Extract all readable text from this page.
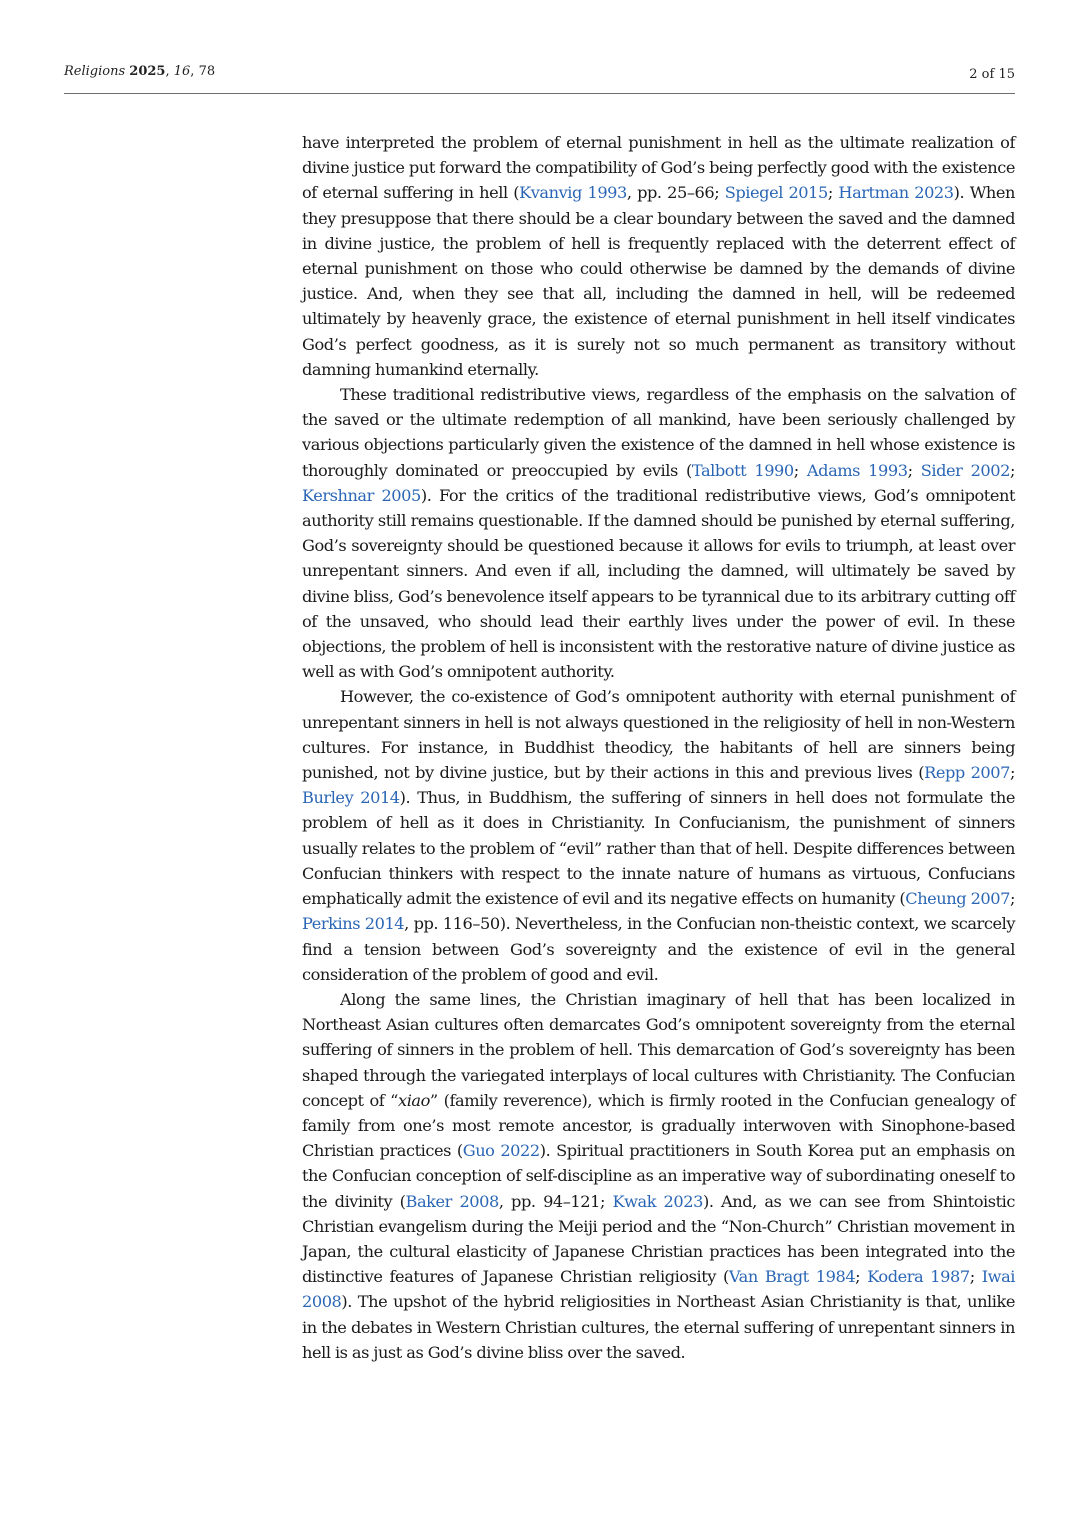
Religions 2025, 16, 78	2 of 15

have interpreted the problem of eternal punishment in hell as the ultimate realization of divine justice put forward the compatibility of God’s being perfectly good with the existence of eternal suffering in hell (Kvanvig 1993, pp. 25–66; Spiegel 2015; Hartman 2023). When they presuppose that there should be a clear boundary between the saved and the damned in divine justice, the problem of hell is frequently replaced with the deterrent effect of eternal punishment on those who could otherwise be damned by the demands of divine justice. And, when they see that all, including the damned in hell, will be redeemed ultimately by heavenly grace, the existence of eternal punishment in hell itself vindicates God’s perfect goodness, as it is surely not so much permanent as transitory without damning humankind eternally.

These traditional redistributive views, regardless of the emphasis on the salvation of the saved or the ultimate redemption of all mankind, have been seriously challenged by various objections particularly given the existence of the damned in hell whose existence is thoroughly dominated or preoccupied by evils (Talbott 1990; Adams 1993; Sider 2002; Kershnar 2005). For the critics of the traditional redistributive views, God’s omnipotent authority still remains questionable. If the damned should be punished by eternal suffering, God’s sovereignty should be questioned because it allows for evils to triumph, at least over unrepentant sinners. And even if all, including the damned, will ultimately be saved by divine bliss, God’s benevolence itself appears to be tyrannical due to its arbitrary cutting off of the unsaved, who should lead their earthly lives under the power of evil. In these objections, the problem of hell is inconsistent with the restorative nature of divine justice as well as with God’s omnipotent authority.

However, the co-existence of God’s omnipotent authority with eternal punishment of unrepentant sinners in hell is not always questioned in the religiosity of hell in non-Western cultures. For instance, in Buddhist theodicy, the habitants of hell are sinners being punished, not by divine justice, but by their actions in this and previous lives (Repp 2007; Burley 2014). Thus, in Buddhism, the suffering of sinners in hell does not formulate the problem of hell as it does in Christianity. In Confucianism, the punishment of sinners usually relates to the problem of “evil” rather than that of hell. Despite differences between Confucian thinkers with respect to the innate nature of humans as virtuous, Confucians emphatically admit the existence of evil and its negative effects on humanity (Cheung 2007; Perkins 2014, pp. 116–50). Nevertheless, in the Confucian non-theistic context, we scarcely find a tension between God’s sovereignty and the existence of evil in the general consideration of the problem of good and evil.

Along the same lines, the Christian imaginary of hell that has been localized in Northeast Asian cultures often demarcates God’s omnipotent sovereignty from the eternal suffering of sinners in the problem of hell. This demarcation of God’s sovereignty has been shaped through the variegated interplays of local cultures with Christianity. The Confucian concept of “xiao” (family reverence), which is firmly rooted in the Confucian genealogy of family from one’s most remote ancestor, is gradually interwoven with Sinophone-based Christian practices (Guo 2022). Spiritual practitioners in South Korea put an emphasis on the Confucian conception of self-discipline as an imperative way of subordinating oneself to the divinity (Baker 2008, pp. 94–121; Kwak 2023). And, as we can see from Shintoistic Christian evangelism during the Meiji period and the “Non-Church” Christian movement in Japan, the cultural elasticity of Japanese Christian practices has been integrated into the distinctive features of Japanese Christian religiosity (Van Bragt 1984; Kodera 1987; Iwai 2008). The upshot of the hybrid religiosities in Northeast Asian Christianity is that, unlike in the debates in Western Christian cultures, the eternal suffering of unrepentant sinners in hell is as just as God’s divine bliss over the saved.
